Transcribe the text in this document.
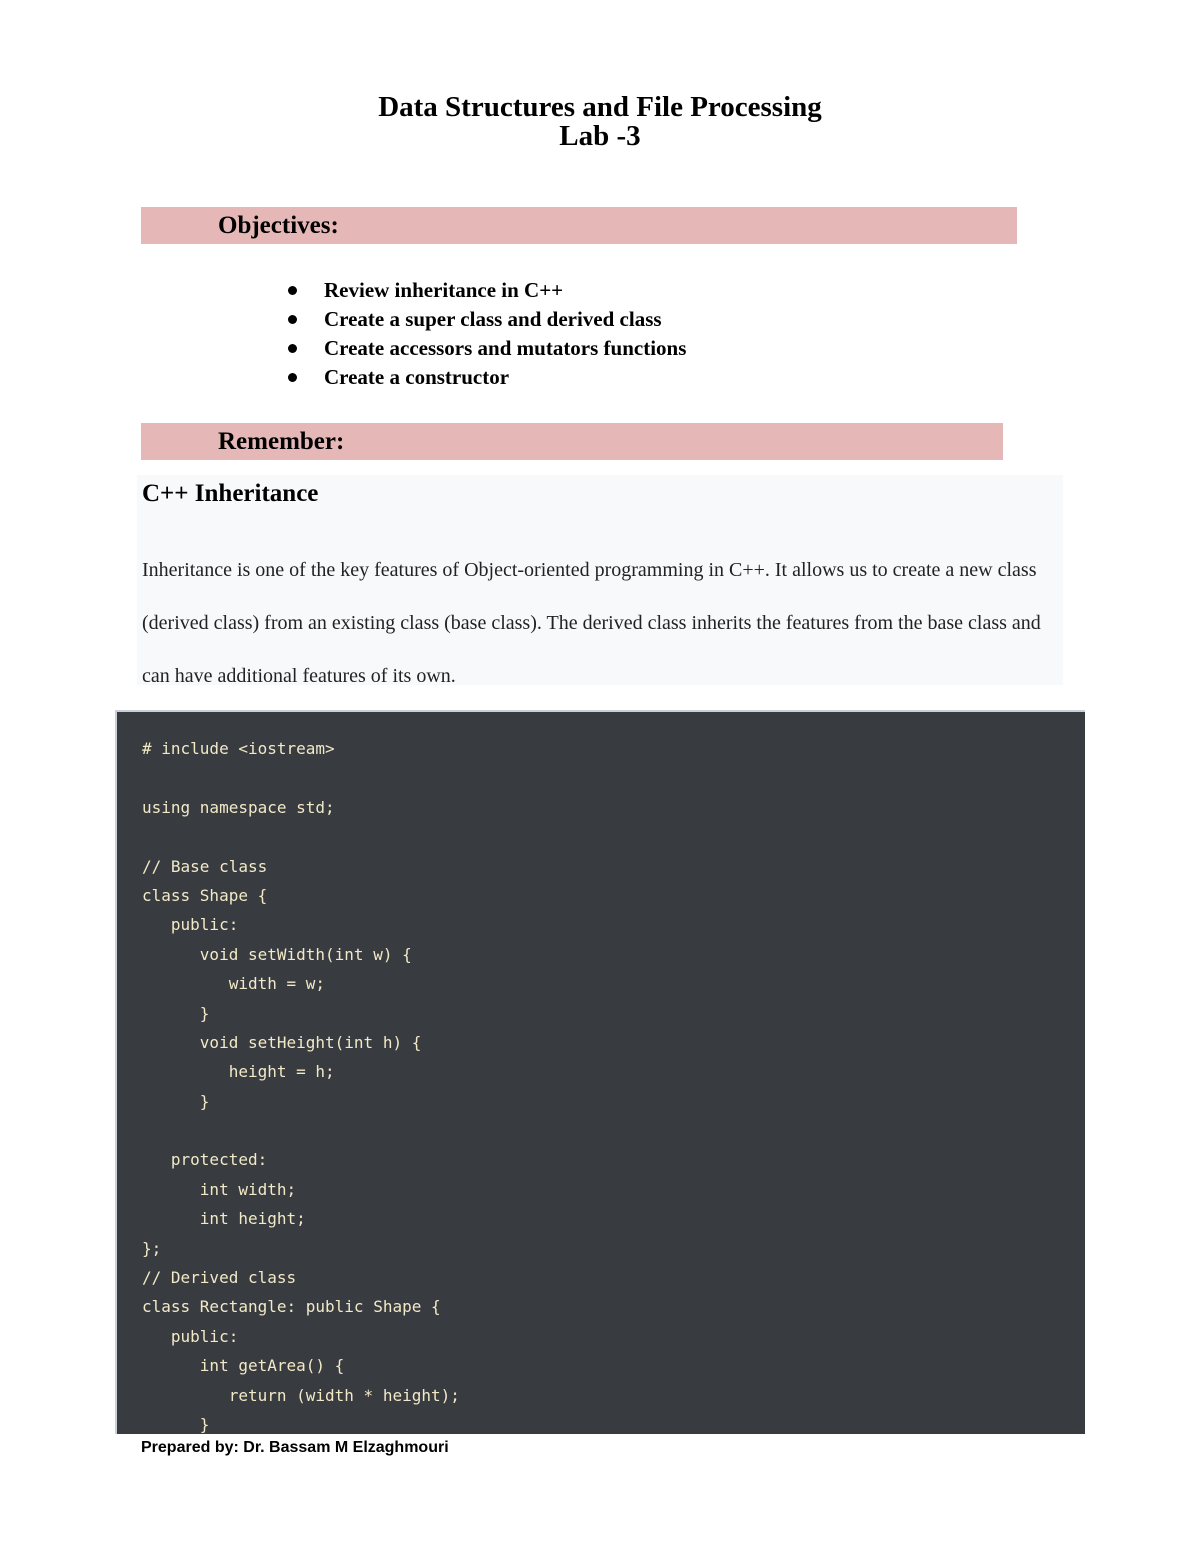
Data Structures and File Processing
Lab -3
Objectives:
Review inheritance in C++
Create a super class and derived class
Create accessors and mutators functions
Create a constructor
Remember:
C++ Inheritance

Inheritance is one of the key features of Object-oriented programming in C++. It allows us to create a new class (derived class) from an existing class (base class). The derived class inherits the features from the base class and can have additional features of its own.

# include <iostream>
using namespace std;
// Base class
class Shape {
public:
void setWidth(int w) {
width = w;
}
void setHeight(int h) {
height = h;
}
protected:
int width;
int height;
};
// Derived class
class Rectangle: public Shape {
public:
int getArea() {
return (width * height);
}
Prepared by: Dr. Bassam M Elzaghmouri
